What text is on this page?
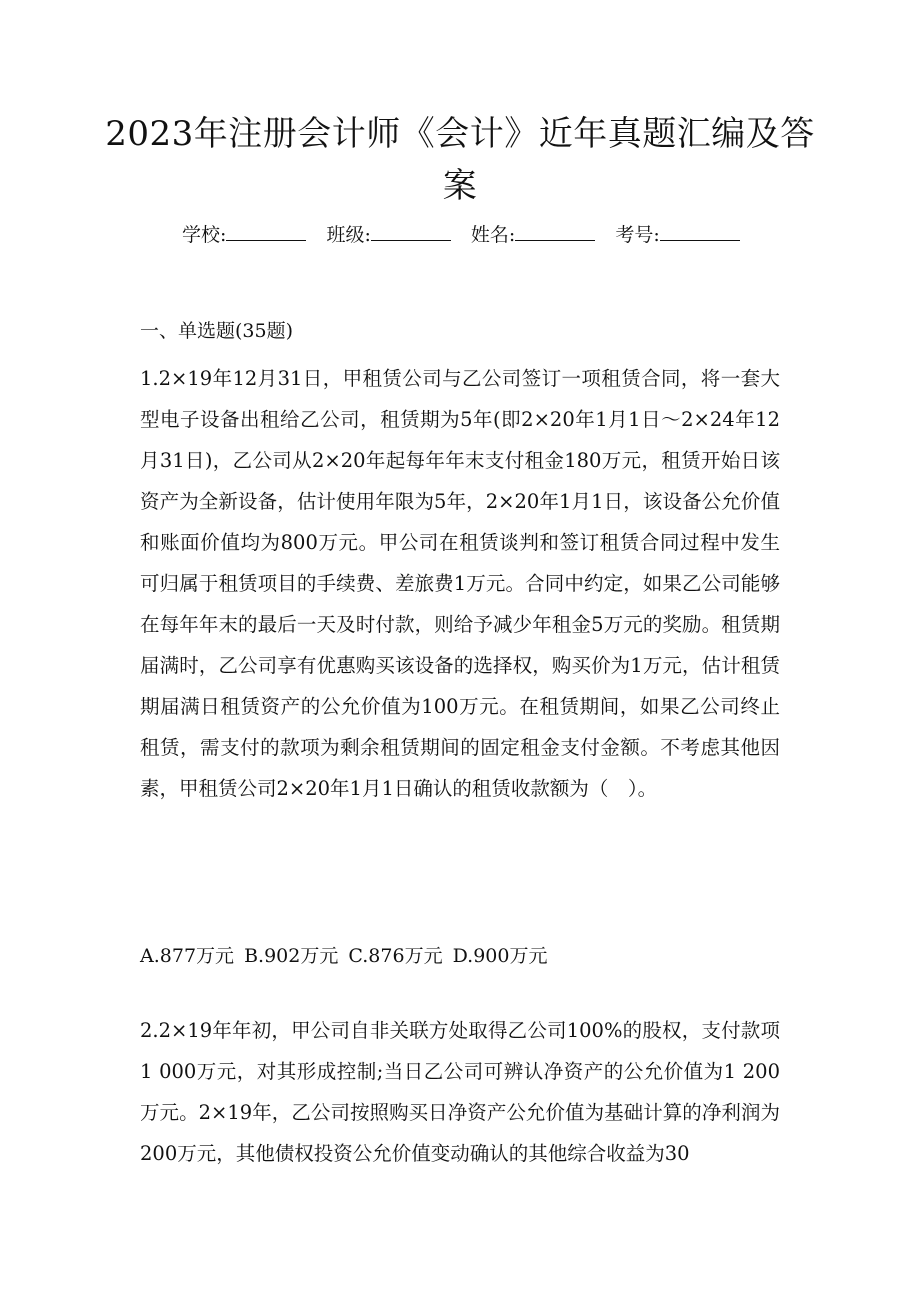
2023年注册会计师《会计》近年真题汇编及答案
学校:	班级:	姓名:	考号:
一、单选题(35题)
1.2×19年12月31日，甲租赁公司与乙公司签订一项租赁合同，将一套大型电子设备出租给乙公司，租赁期为5年(即2×20年1月1日～2×24年12月31日)，乙公司从2×20年起每年年末支付租金180万元，租赁开始日该资产为全新设备，估计使用年限为5年，2×20年1月1日，该设备公允价值和账面价值均为800万元。甲公司在租赁谈判和签订租赁合同过程中发生可归属于租赁项目的手续费、差旅费1万元。合同中约定，如果乙公司能够在每年年末的最后一天及时付款，则给予减少年租金5万元的奖励。租赁期届满时，乙公司享有优惠购买该设备的选择权，购买价为1万元，估计租赁期届满日租赁资产的公允价值为100万元。在租赁期间，如果乙公司终止租赁，需支付的款项为剩余租赁期间的固定租金支付金额。不考虑其他因素，甲租赁公司2×20年1月1日确认的租赁收款额为（　）。
A.877万元 B.902万元 C.876万元 D.900万元
2.2×19年年初，甲公司自非关联方处取得乙公司100%的股权，支付款项1 000万元，对其形成控制;当日乙公司可辨认净资产的公允价值为1 200万元。2×19年，乙公司按照购买日净资产公允价值为基础计算的净利润为200万元，其他债权投资公允价值变动确认的其他综合收益为30
